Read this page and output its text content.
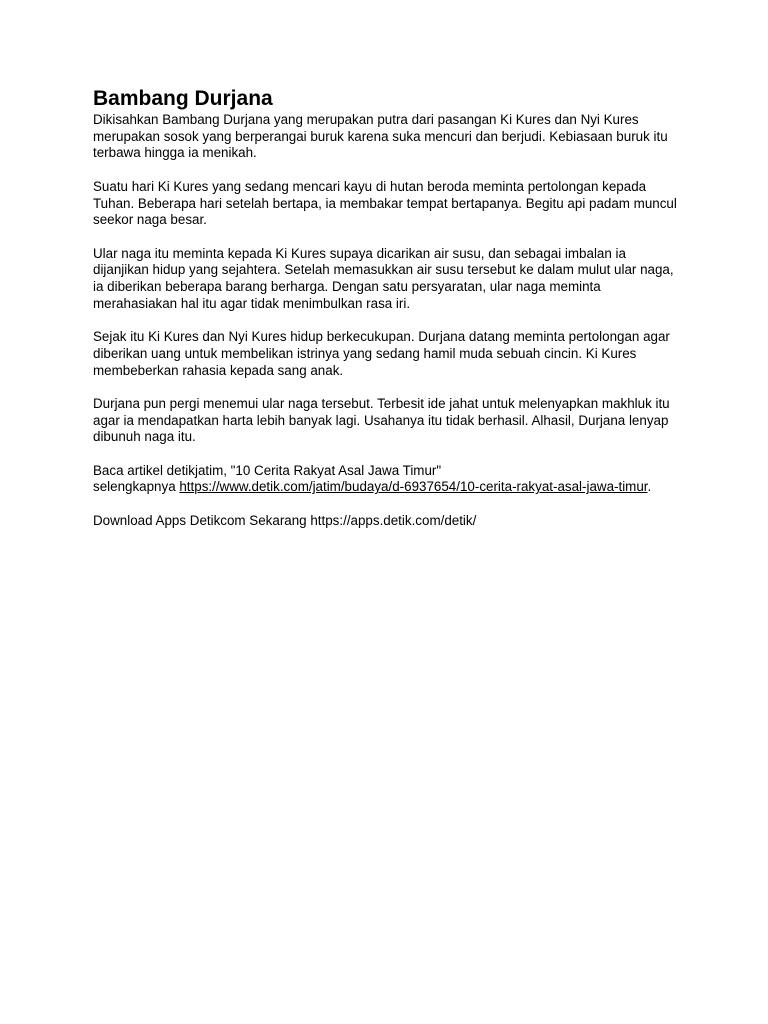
Bambang Durjana

Dikisahkan Bambang Durjana yang merupakan putra dari pasangan Ki Kures dan Nyi Kures merupakan sosok yang berperangai buruk karena suka mencuri dan berjudi. Kebiasaan buruk itu terbawa hingga ia menikah.

Suatu hari Ki Kures yang sedang mencari kayu di hutan beroda meminta pertolongan kepada Tuhan. Beberapa hari setelah bertapa, ia membakar tempat bertapanya. Begitu api padam muncul seekor naga besar.

Ular naga itu meminta kepada Ki Kures supaya dicarikan air susu, dan sebagai imbalan ia dijanjikan hidup yang sejahtera. Setelah memasukkan air susu tersebut ke dalam mulut ular naga, ia diberikan beberapa barang berharga. Dengan satu persyaratan, ular naga meminta merahasiakan hal itu agar tidak menimbulkan rasa iri.

Sejak itu Ki Kures dan Nyi Kures hidup berkecukupan. Durjana datang meminta pertolongan agar diberikan uang untuk membelikan istrinya yang sedang hamil muda sebuah cincin. Ki Kures membeberkan rahasia kepada sang anak.

Durjana pun pergi menemui ular naga tersebut. Terbesit ide jahat untuk melenyapkan makhluk itu agar ia mendapatkan harta lebih banyak lagi. Usahanya itu tidak berhasil. Alhasil, Durjana lenyap dibunuh naga itu.

Baca artikel detikjatim, "10 Cerita Rakyat Asal Jawa Timur"
selengkapnya https://www.detik.com/jatim/budaya/d-6937654/10-cerita-rakyat-asal-jawa-timur.

Download Apps Detikcom Sekarang https://apps.detik.com/detik/
